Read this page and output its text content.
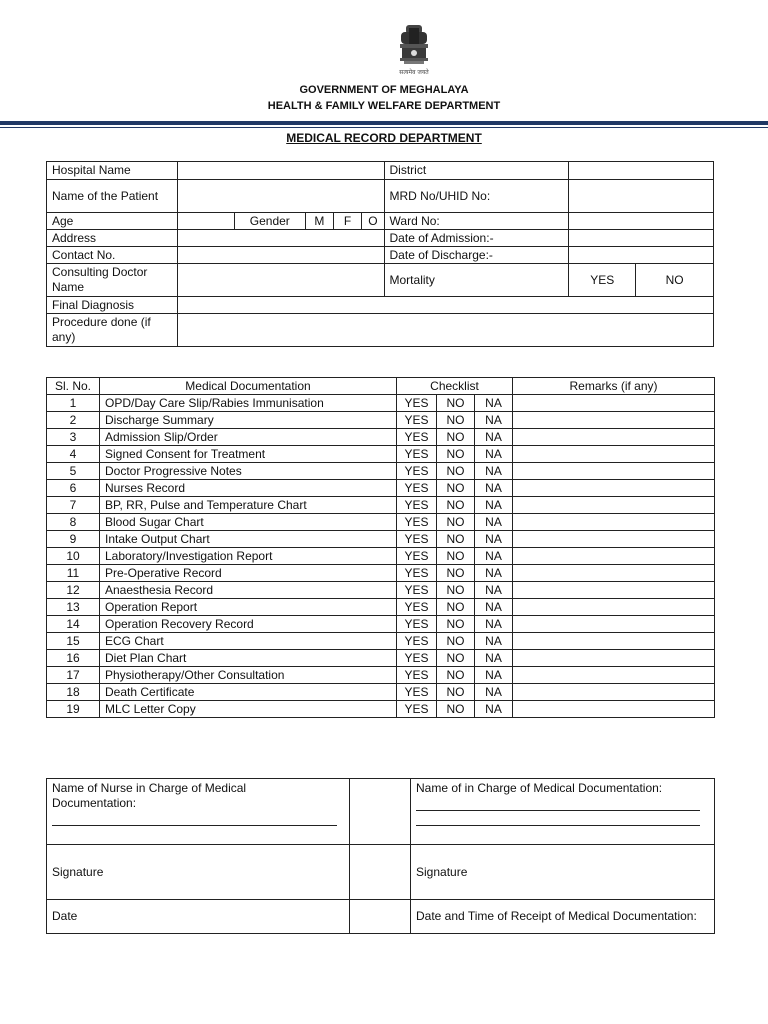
सत्यमेव जयते
GOVERNMENT OF MEGHALAYA
HEALTH & FAMILY WELFARE DEPARTMENT
MEDICAL RECORD DEPARTMENT
Hospital Name						District		
Name of the Patient						MRD No/UHID No:		
Age		Gender	M	F	O	Ward No:		
Address						Date of Admission:-		
Contact No.						Date of Discharge:-		
Consulting Doctor Name						Mortality	YES	NO
Final Diagnosis								
Procedure done (if any)								
Sl. No.	Medical Documentation	Checklist			Remarks (if any)
1	OPD/Day Care Slip/Rabies Immunisation	YES	NO	NA	
2	Discharge Summary	YES	NO	NA	
3	Admission Slip/Order	YES	NO	NA	
4	Signed Consent for Treatment	YES	NO	NA	
5	Doctor Progressive Notes	YES	NO	NA	
6	Nurses Record	YES	NO	NA	
7	BP, RR, Pulse and Temperature Chart	YES	NO	NA	
8	Blood Sugar Chart	YES	NO	NA	
9	Intake Output Chart	YES	NO	NA	
10	Laboratory/Investigation Report	YES	NO	NA	
11	Pre-Operative Record	YES	NO	NA	
12	Anaesthesia Record	YES	NO	NA	
13	Operation Report	YES	NO	NA	
14	Operation Recovery Record	YES	NO	NA	
15	ECG Chart	YES	NO	NA	
16	Diet Plan Chart	YES	NO	NA	
17	Physiotherapy/Other Consultation	YES	NO	NA	
18	Death Certificate	YES	NO	NA	
19	MLC Letter Copy	YES	NO	NA	
Name of Nurse in Charge of Medical Documentation:		Name of in Charge of Medical Documentation:

Signature		Signature
Date		Date and Time of Receipt of Medical Documentation:
